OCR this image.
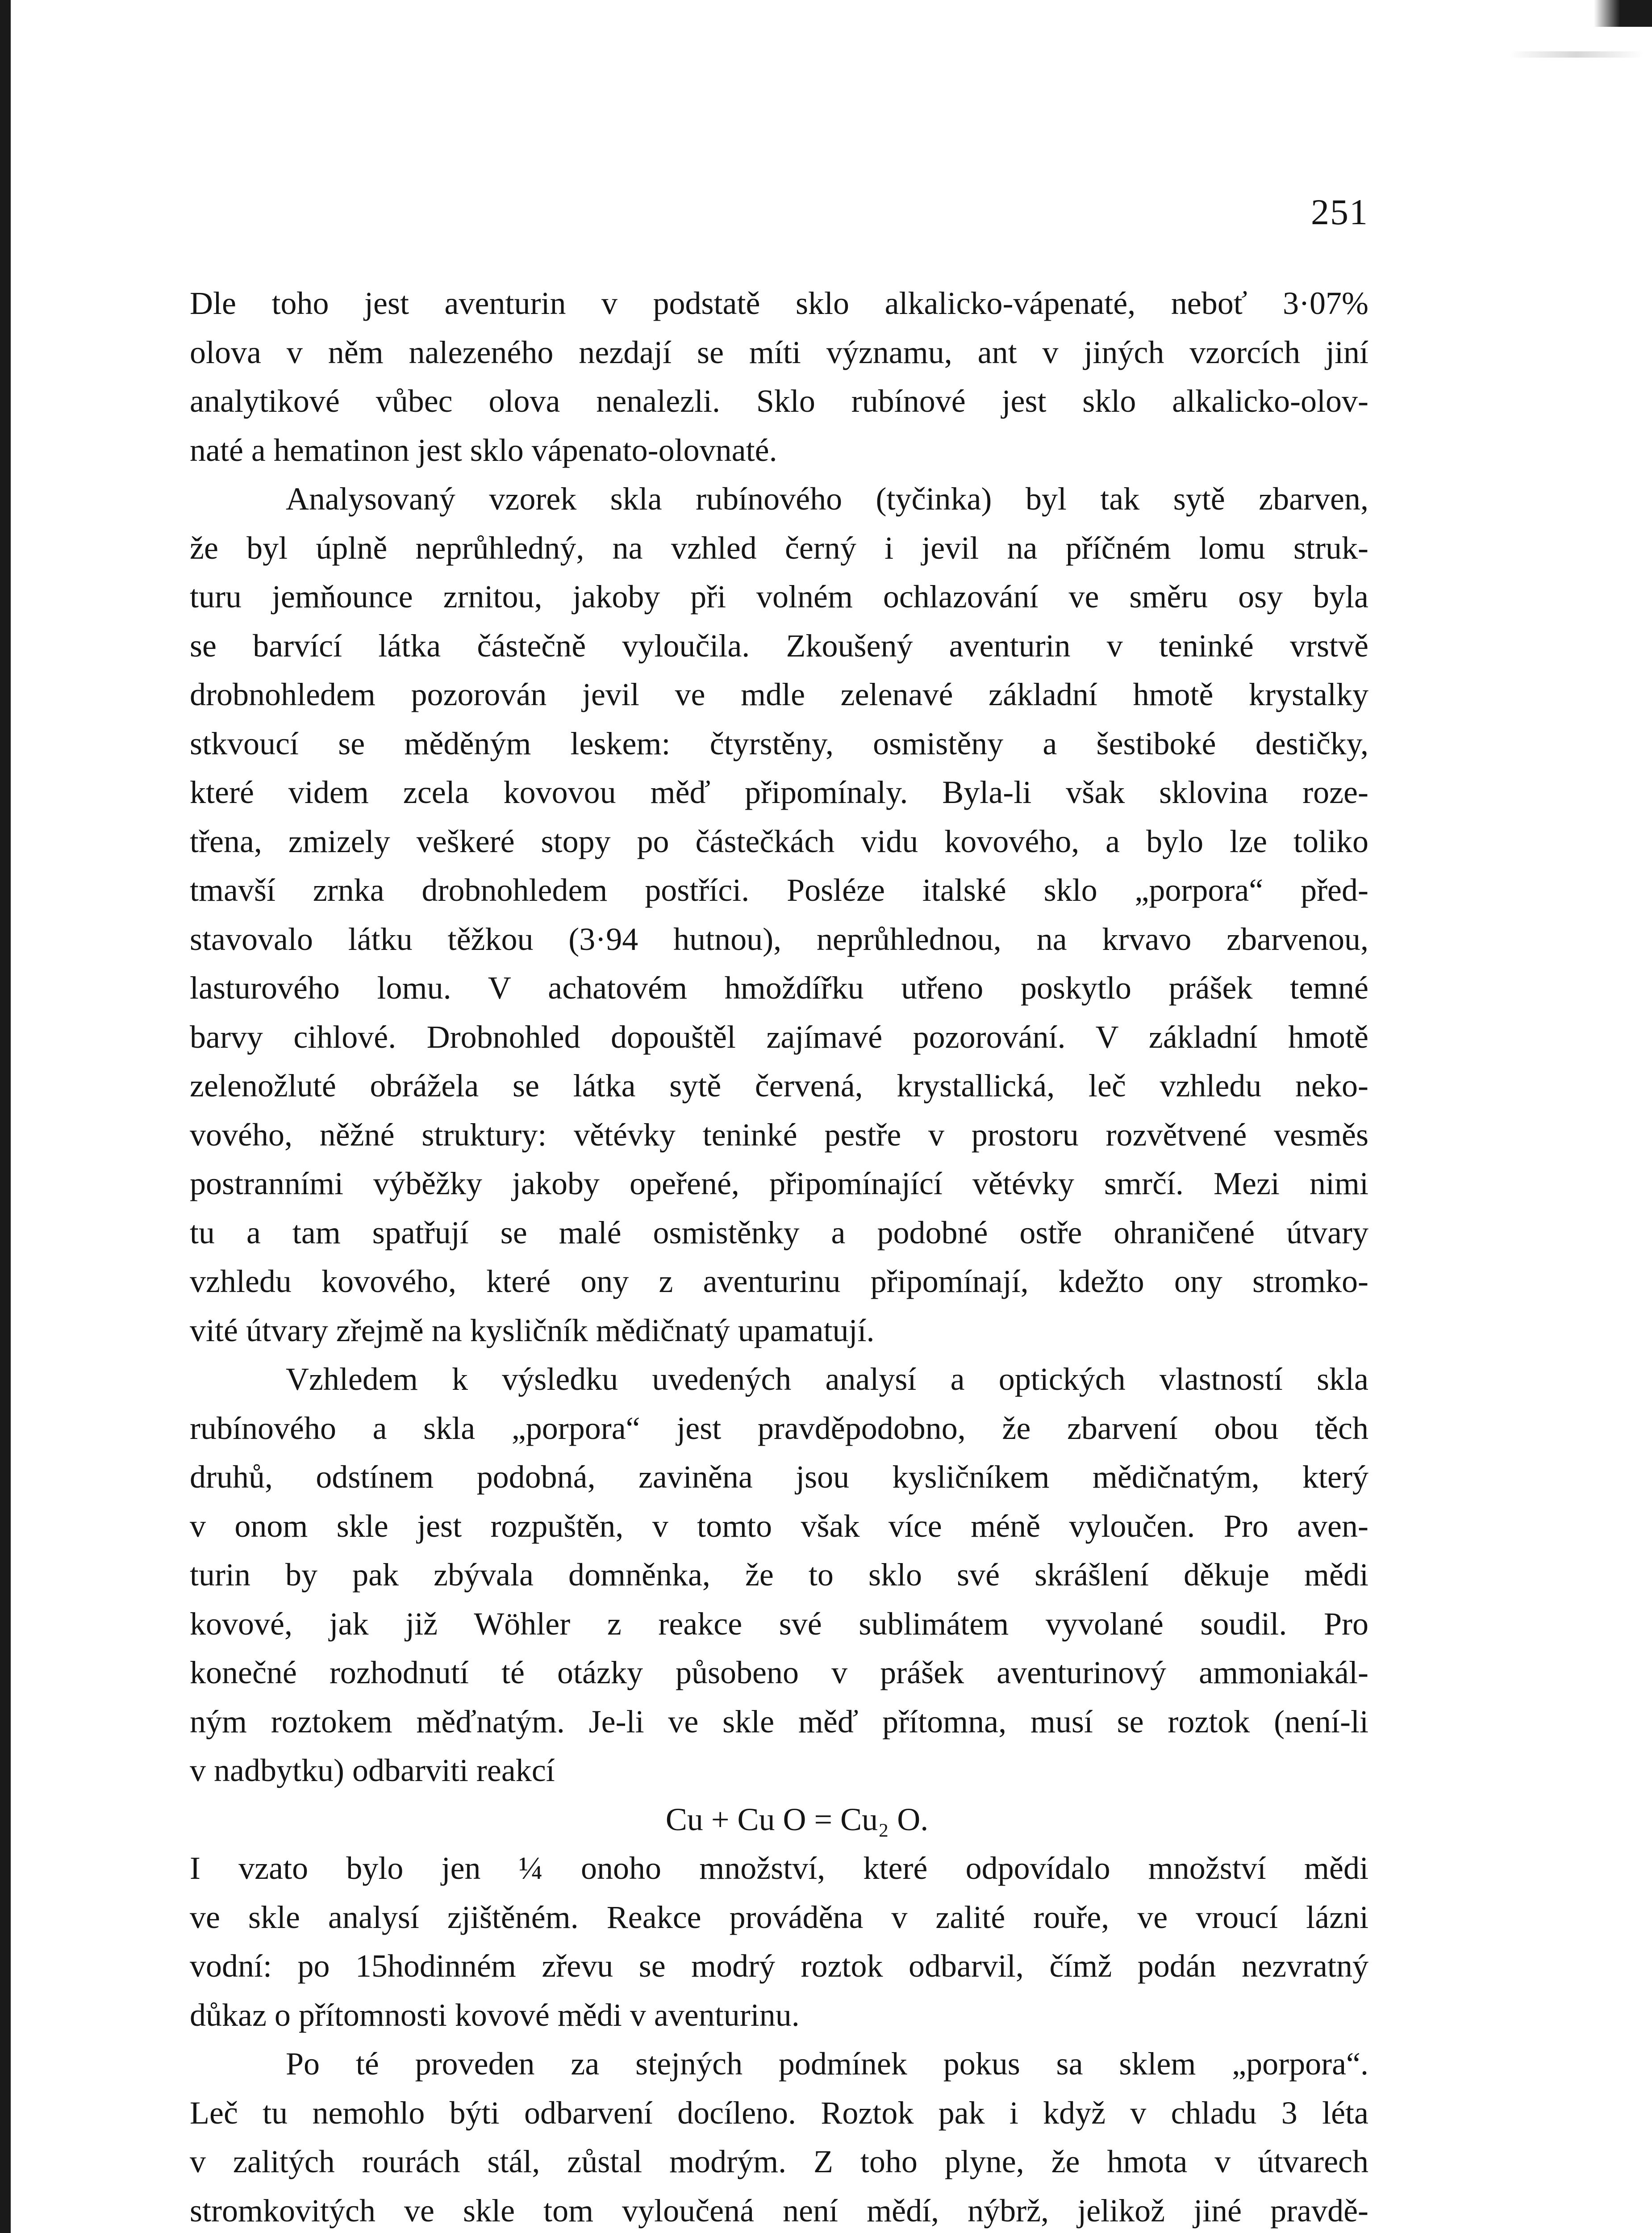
251
Dle toho jest aventurin v podstatě sklo alkalicko-vápenaté, neboť 3·07%
olova v něm nalezeného nezdají se míti významu, ant v jiných vzorcích jiní
analytikové vůbec olova nenalezli. Sklo rubínové jest sklo alkalicko-olov-
naté a hematinon jest sklo vápenato-olovnaté.
Analysovaný vzorek skla rubínového (tyčinka) byl tak sytě zbarven,
že byl úplně neprůhledný, na vzhled černý i jevil na příčném lomu struk-
turu jemňounce zrnitou, jakoby při volném ochlazování ve směru osy byla
se barvící látka částečně vyloučila. Zkoušený aventurin v teninké vrstvě
drobnohledem pozorován jevil ve mdle zelenavé základní hmotě krystalky
stkvoucí se měděným leskem: čtyrstěny, osmistěny a šestiboké destičky,
které videm zcela kovovou měď připomínaly. Byla-li však sklovina roze-
třena, zmizely veškeré stopy po částečkách vidu kovového, a bylo lze toliko
tmavší zrnka drobnohledem postříci. Posléze italské sklo „porpora“ před-
stavovalo látku těžkou (3·94 hutnou), neprůhlednou, na krvavo zbarvenou,
lasturového lomu. V achatovém hmoždířku utřeno poskytlo prášek temné
barvy cihlové. Drobnohled dopouštěl zajímavé pozorování. V základní hmotě
zelenožluté obrážela se látka sytě červená, krystallická, leč vzhledu neko-
vového, něžné struktury: větévky teninké pestře v prostoru rozvětvené vesměs
postranními výběžky jakoby opeřené, připomínající větévky smrčí. Mezi nimi
tu a tam spatřují se malé osmistěnky a podobné ostře ohraničené útvary
vzhledu kovového, které ony z aventurinu připomínají, kdežto ony stromko-
vité útvary zřejmě na kysličník mědičnatý upamatují.
Vzhledem k výsledku uvedených analysí a optických vlastností skla
rubínového a skla „porpora“ jest pravděpodobno, že zbarvení obou těch
druhů, odstínem podobná, zaviněna jsou kysličníkem mědičnatým, který
v onom skle jest rozpuštěn, v tomto však více méně vyloučen. Pro aven-
turin by pak zbývala domněnka, že to sklo své skrášlení děkuje mědi
kovové, jak již Wöhler z reakce své sublimátem vyvolané soudil. Pro
konečné rozhodnutí té otázky působeno v prášek aventurinový ammoniakál-
ným roztokem měďnatým. Je-li ve skle měď přítomna, musí se roztok (není-li
v nadbytku) odbarviti reakcí
Cu + Cu O = Cu₂ O.
I vzato bylo jen ¼ onoho množství, které odpovídalo množství mědi
ve skle analysí zjištěném. Reakce prováděna v zalité rouře, ve vroucí lázni
vodní: po 15hodinném zřevu se modrý roztok odbarvil, čímž podán nezvratný
důkaz o přítomnosti kovové mědi v aventurinu.
Po té proveden za stejných podmínek pokus sa sklem „porpora“.
Leč tu nemohlo býti odbarvení docíleno. Roztok pak i když v chladu 3 léta
v zalitých rourách stál, zůstal modrým. Z toho plyne, že hmota v útvarech
stromkovitých ve skle tom vyloučená není mědí, nýbrž, jelikož jiné pravdě-
